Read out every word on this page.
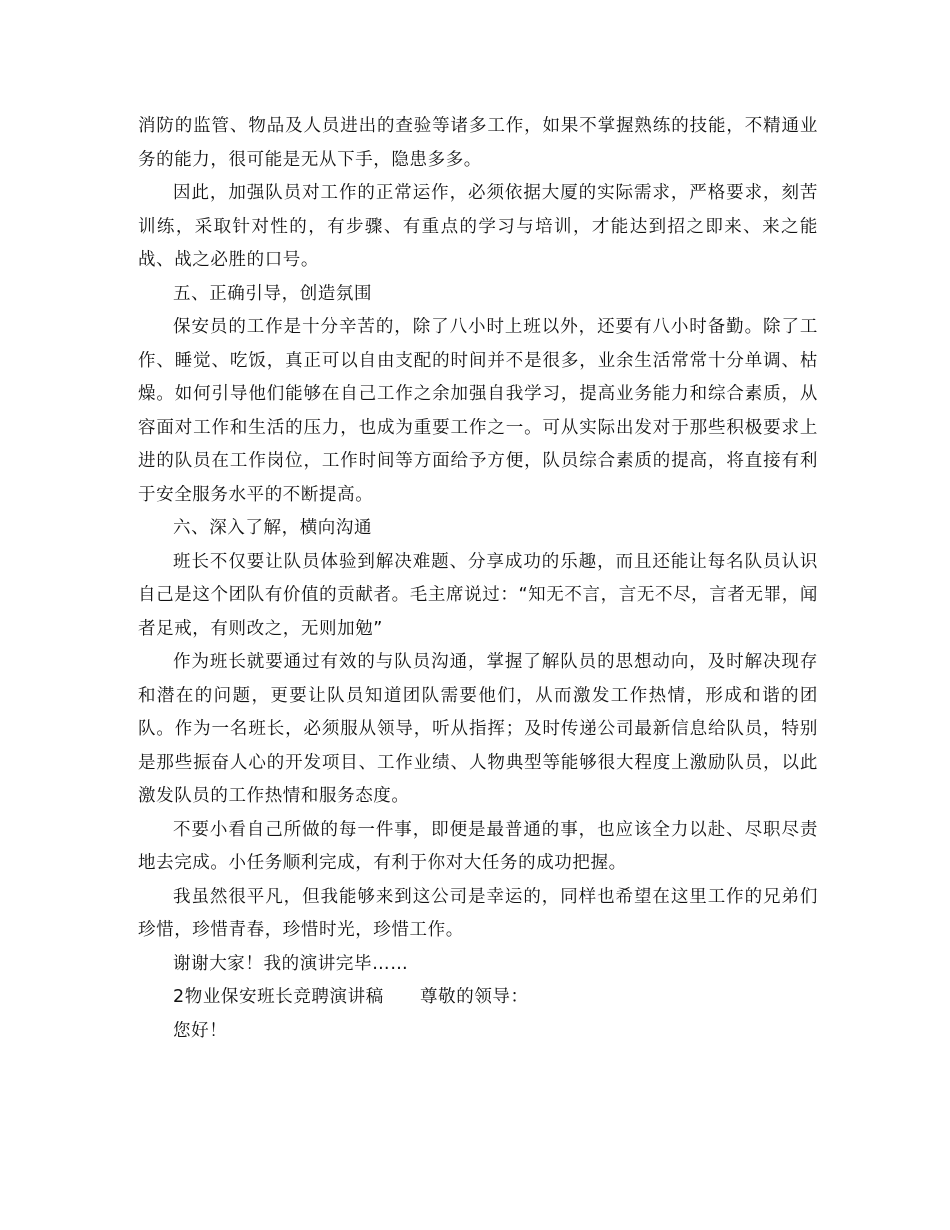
消防的监管、物品及人员进出的查验等诸多工作，如果不掌握熟练的技能，不精通业务的能力，很可能是无从下手，隐患多多。

因此，加强队员对工作的正常运作，必须依据大厦的实际需求，严格要求，刻苦训练，采取针对性的，有步骤、有重点的学习与培训，才能达到招之即来、来之能战、战之必胜的口号。

五、正确引导，创造氛围

保安员的工作是十分辛苦的，除了八小时上班以外，还要有八小时备勤。除了工作、睡觉、吃饭，真正可以自由支配的时间并不是很多，业余生活常常十分单调、枯燥。如何引导他们能够在自己工作之余加强自我学习，提高业务能力和综合素质，从容面对工作和生活的压力，也成为重要工作之一。可从实际出发对于那些积极要求上进的队员在工作岗位，工作时间等方面给予方便，队员综合素质的提高，将直接有利于安全服务水平的不断提高。

六、深入了解，横向沟通

班长不仅要让队员体验到解决难题、分享成功的乐趣，而且还能让每名队员认识自己是这个团队有价值的贡献者。毛主席说过：“知无不言，言无不尽，言者无罪，闻者足戒，有则改之，无则加勉”

作为班长就要通过有效的与队员沟通，掌握了解队员的思想动向，及时解决现存和潜在的问题，更要让队员知道团队需要他们，从而激发工作热情，形成和谐的团队。作为一名班长，必须服从领导，听从指挥；及时传递公司最新信息给队员，特别是那些振奋人心的开发项目、工作业绩、人物典型等能够很大程度上激励队员，以此激发队员的工作热情和服务态度。

不要小看自己所做的每一件事，即便是最普通的事，也应该全力以赴、尽职尽责地去完成。小任务顺利完成，有利于你对大任务的成功把握。

我虽然很平凡，但我能够来到这公司是幸运的，同样也希望在这里工作的兄弟们珍惜，珍惜青春，珍惜时光，珍惜工作。

谢谢大家！我的演讲完毕……

2物业保安班长竞聘演讲稿　　尊敬的领导：

您好！
